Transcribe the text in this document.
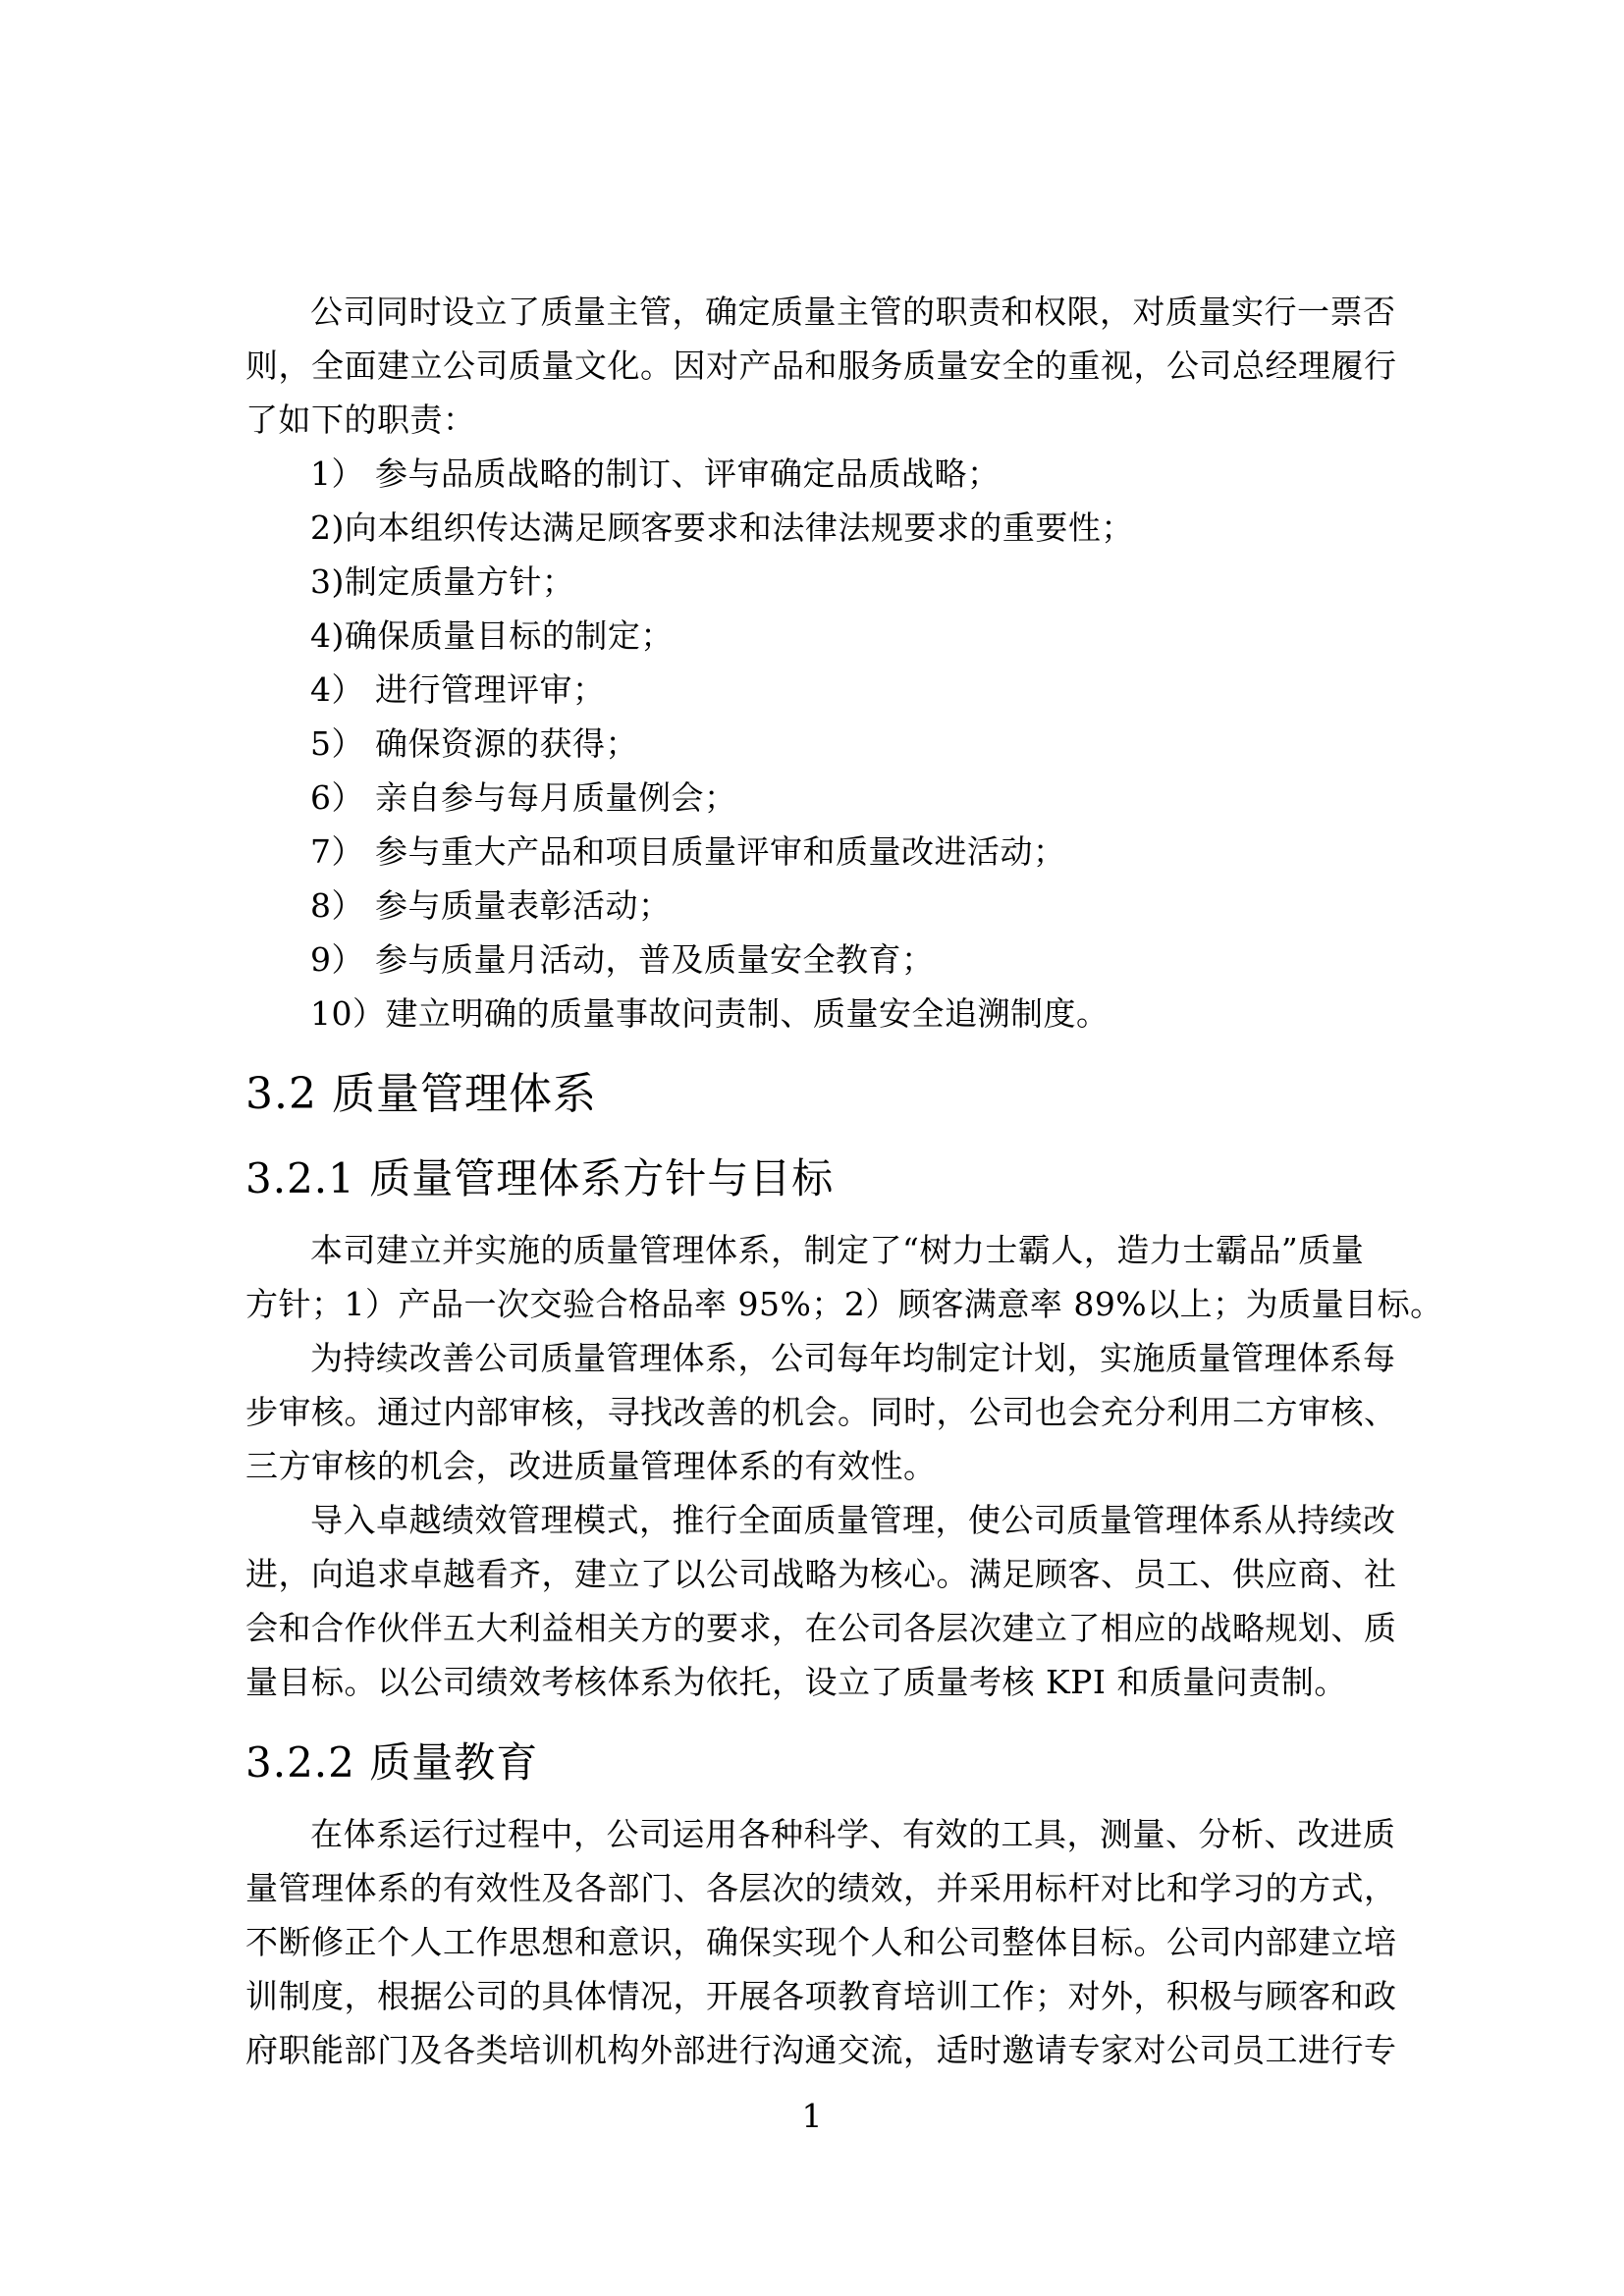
公司同时设立了质量主管，确定质量主管的职责和权限，对质量实行一票否
则，全面建立公司质量文化。因对产品和服务质量安全的重视，公司总经理履行
了如下的职责：
1） 参与品质战略的制订、评审确定品质战略；
2)向本组织传达满足顾客要求和法律法规要求的重要性；
3)制定质量方针；
4)确保质量目标的制定；
4） 进行管理评审；
5） 确保资源的获得；
6） 亲自参与每月质量例会；
7） 参与重大产品和项目质量评审和质量改进活动；
8） 参与质量表彰活动；
9） 参与质量月活动，普及质量安全教育；
10）建立明确的质量事故问责制、质量安全追溯制度。
3.2 质量管理体系
3.2.1 质量管理体系方针与目标
本司建立并实施的质量管理体系，制定了“树力士霸人，造力士霸品”质量
方针；1）产品一次交验合格品率 95%；2）顾客满意率 89%以上；为质量目标。
为持续改善公司质量管理体系，公司每年均制定计划，实施质量管理体系每
步审核。通过内部审核，寻找改善的机会。同时，公司也会充分利用二方审核、
三方审核的机会，改进质量管理体系的有效性。
导入卓越绩效管理模式，推行全面质量管理，使公司质量管理体系从持续改
进，向追求卓越看齐，建立了以公司战略为核心。满足顾客、员工、供应商、社
会和合作伙伴五大利益相关方的要求，在公司各层次建立了相应的战略规划、质
量目标。以公司绩效考核体系为依托，设立了质量考核 KPI 和质量问责制。
3.2.2 质量教育
在体系运行过程中，公司运用各种科学、有效的工具，测量、分析、改进质
量管理体系的有效性及各部门、各层次的绩效，并采用标杆对比和学习的方式，
不断修正个人工作思想和意识，确保实现个人和公司整体目标。公司内部建立培
训制度，根据公司的具体情况，开展各项教育培训工作；对外，积极与顾客和政
府职能部门及各类培训机构外部进行沟通交流，适时邀请专家对公司员工进行专
1
